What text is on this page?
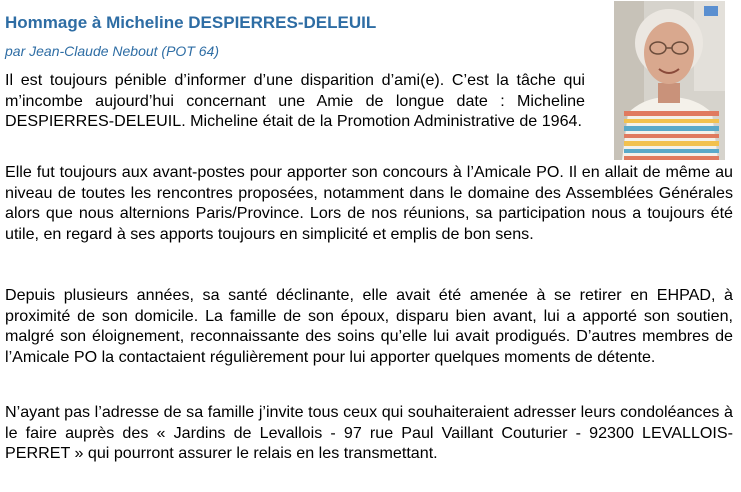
Hommage à Micheline DESPIERRES-DELEUIL
par Jean-Claude Nebout (POT 64)

Il est toujours pénible d’informer d’une disparition d’ami(e). C’est la tâche qui m’incombe aujourd’hui concernant une Amie de longue date : Micheline DESPIERRES-DELEUIL. Micheline était de la Promotion Administrative de 1964.

Elle fut toujours aux avant-postes pour apporter son concours à l’Amicale PO. Il en allait de même au niveau de toutes les rencontres proposées, notamment dans le domaine des Assemblées Générales alors que nous alternions Paris/Province. Lors de nos réunions, sa participation nous a toujours été utile, en regard à ses apports toujours en simplicité et emplis de bon sens.

Depuis plusieurs années, sa santé déclinante, elle avait été amenée à se retirer en EHPAD, à proximité de son domicile. La famille de son époux, disparu bien avant, lui a apporté son soutien, malgré son éloignement, reconnaissante des soins qu’elle lui avait prodigués. D’autres membres de l’Amicale PO la contactaient régulièrement pour lui apporter quelques moments de détente.

N’ayant pas l’adresse de sa famille j’invite tous ceux qui souhaiteraient adresser leurs condoléances à le faire auprès des « Jardins de Levallois - 97 rue Paul Vaillant Couturier - 92300 LEVALLOIS-PERRET » qui pourront assurer le relais en les transmettant.
